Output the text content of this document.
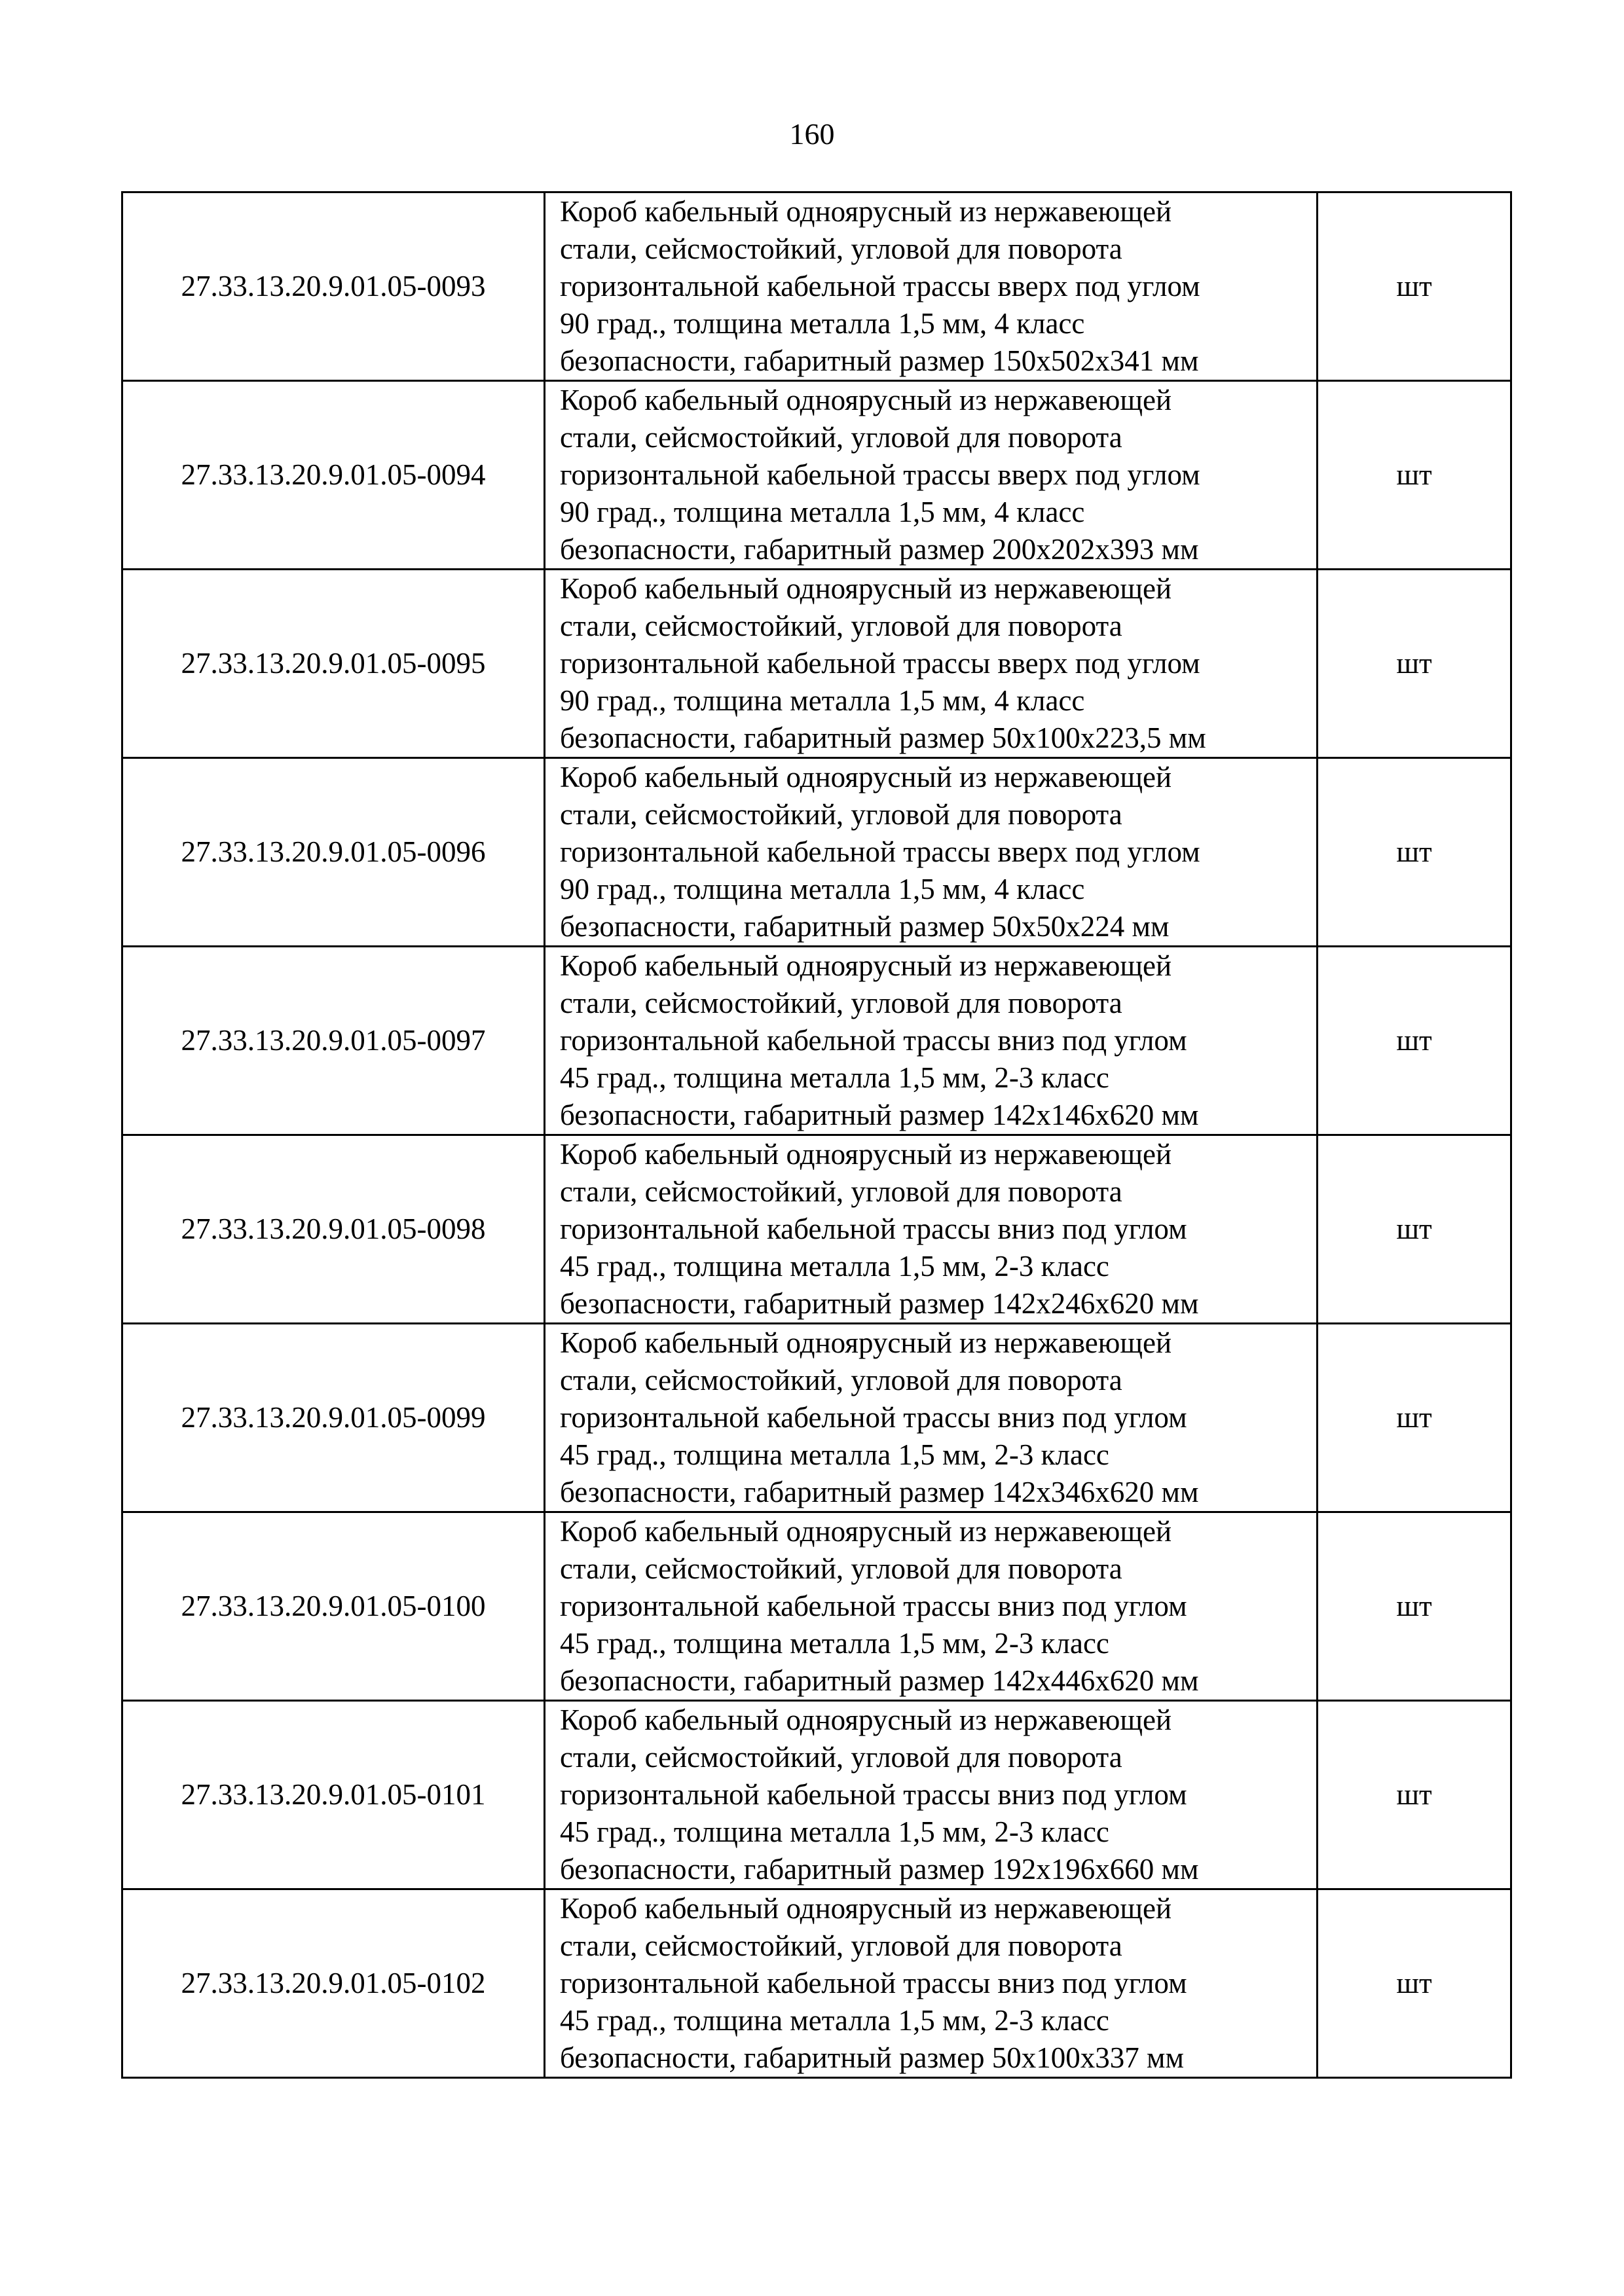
160
27.33.13.20.9.01.05-0093	Короб кабельный одноярусный из нержавеющей
стали, сейсмостойкий, угловой для поворота
горизонтальной кабельной трассы вверх под углом
90 град., толщина металла 1,5 мм, 4 класс
безопасности, габаритный размер 150x502x341 мм	шт
27.33.13.20.9.01.05-0094	Короб кабельный одноярусный из нержавеющей
стали, сейсмостойкий, угловой для поворота
горизонтальной кабельной трассы вверх под углом
90 град., толщина металла 1,5 мм, 4 класс
безопасности, габаритный размер 200x202x393 мм	шт
27.33.13.20.9.01.05-0095	Короб кабельный одноярусный из нержавеющей
стали, сейсмостойкий, угловой для поворота
горизонтальной кабельной трассы вверх под углом
90 град., толщина металла 1,5 мм, 4 класс
безопасности, габаритный размер 50x100x223,5 мм	шт
27.33.13.20.9.01.05-0096	Короб кабельный одноярусный из нержавеющей
стали, сейсмостойкий, угловой для поворота
горизонтальной кабельной трассы вверх под углом
90 град., толщина металла 1,5 мм, 4 класс
безопасности, габаритный размер 50x50x224 мм	шт
27.33.13.20.9.01.05-0097	Короб кабельный одноярусный из нержавеющей
стали, сейсмостойкий, угловой для поворота
горизонтальной кабельной трассы вниз под углом
45 град., толщина металла 1,5 мм, 2-3 класс
безопасности, габаритный размер 142x146x620 мм	шт
27.33.13.20.9.01.05-0098	Короб кабельный одноярусный из нержавеющей
стали, сейсмостойкий, угловой для поворота
горизонтальной кабельной трассы вниз под углом
45 град., толщина металла 1,5 мм, 2-3 класс
безопасности, габаритный размер 142x246x620 мм	шт
27.33.13.20.9.01.05-0099	Короб кабельный одноярусный из нержавеющей
стали, сейсмостойкий, угловой для поворота
горизонтальной кабельной трассы вниз под углом
45 град., толщина металла 1,5 мм, 2-3 класс
безопасности, габаритный размер 142x346x620 мм	шт
27.33.13.20.9.01.05-0100	Короб кабельный одноярусный из нержавеющей
стали, сейсмостойкий, угловой для поворота
горизонтальной кабельной трассы вниз под углом
45 град., толщина металла 1,5 мм, 2-3 класс
безопасности, габаритный размер 142x446x620 мм	шт
27.33.13.20.9.01.05-0101	Короб кабельный одноярусный из нержавеющей
стали, сейсмостойкий, угловой для поворота
горизонтальной кабельной трассы вниз под углом
45 град., толщина металла 1,5 мм, 2-3 класс
безопасности, габаритный размер 192x196x660 мм	шт
27.33.13.20.9.01.05-0102	Короб кабельный одноярусный из нержавеющей
стали, сейсмостойкий, угловой для поворота
горизонтальной кабельной трассы вниз под углом
45 град., толщина металла 1,5 мм, 2-3 класс
безопасности, габаритный размер 50x100x337 мм	шт
